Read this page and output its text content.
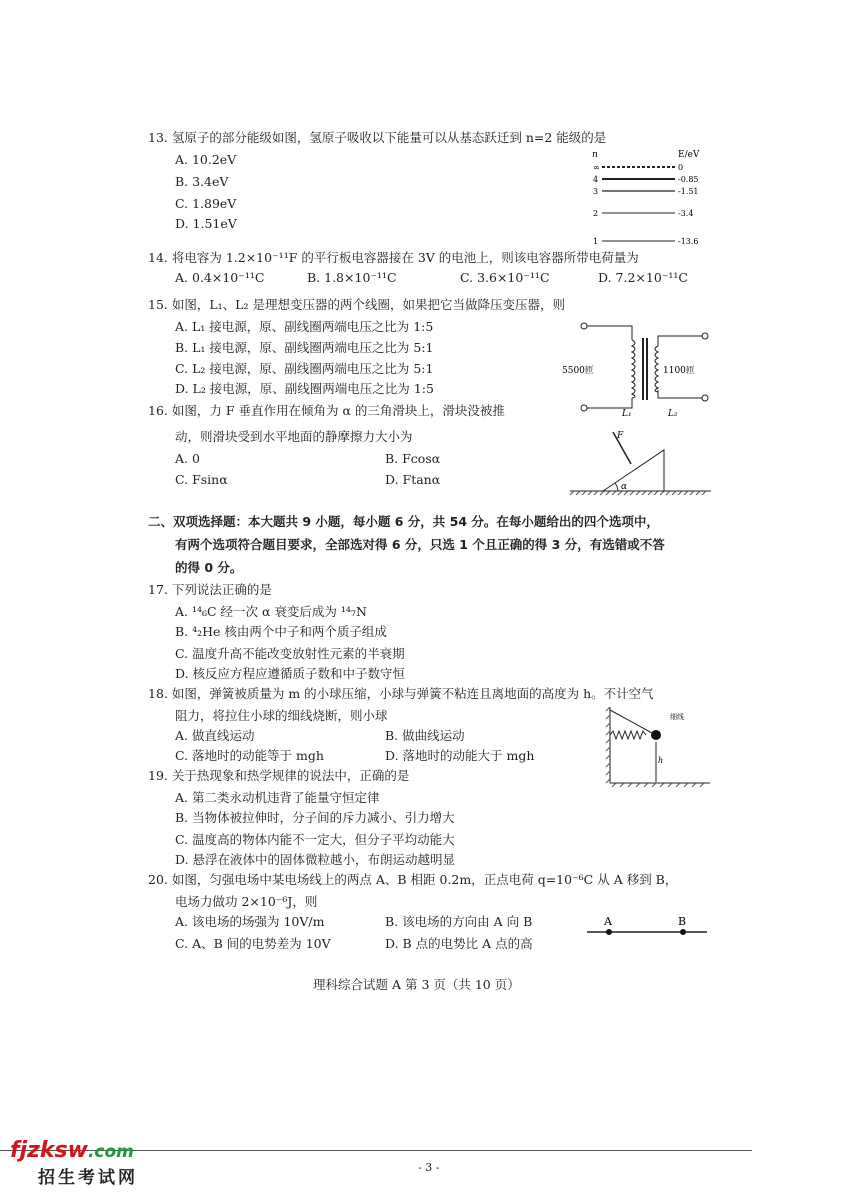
13. 氢原子的部分能级如图，氢原子吸收以下能量可以从基态跃迁到 n=2 能级的是
A. 10.2eV
B. 3.4eV
C. 1.89eV
D. 1.51eV
n	E/eV
∞
4
3
2
1
0
-0.85
-1.51
-3.4
-13.6
14. 将电容为 1.2×10⁻¹¹F 的平行板电容器接在 3V 的电池上，则该电容器所带电荷量为
A. 0.4×10⁻¹¹C	B. 1.8×10⁻¹¹C	C. 3.6×10⁻¹¹C	D. 7.2×10⁻¹¹C
15. 如图，L₁、L₂ 是理想变压器的两个线圈，如果把它当做降压变压器，则
A. L₁ 接电源，原、副线圈两端电压之比为 1:5
B. L₁ 接电源，原、副线圈两端电压之比为 5:1
C. L₂ 接电源，原、副线圈两端电压之比为 5:1
D. L₂ 接电源，原、副线圈两端电压之比为 1:5
5500匝	1100匝
L₁	L₂
16. 如图，力 F 垂直作用在倾角为 α 的三角滑块上，滑块没被推
动，则滑块受到水平地面的静摩擦力大小为
A. 0	B. Fcosα
C. Fsinα	D. Ftanα
F
α
二、双项选择题：本大题共 9 小题，每小题 6 分，共 54 分。在每小题给出的四个选项中，
有两个选项符合题目要求，全部选对得 6 分，只选 1 个且正确的得 3 分，有选错或不答
的得 0 分。
17. 下列说法正确的是
A. ¹⁴₆C 经一次 α 衰变后成为 ¹⁴₇N
B. ⁴₂He 核由两个中子和两个质子组成
C. 温度升高不能改变放射性元素的半衰期
D. 核反应方程应遵循质子数和中子数守恒
18. 如图，弹簧被质量为 m 的小球压缩，小球与弹簧不粘连且离地面的高度为 h。不计空气
阻力，将拉住小球的细线烧断，则小球
A. 做直线运动	B. 做曲线运动
C. 落地时的动能等于 mgh	D. 落地时的动能大于 mgh	h
细线
19. 关于热现象和热学规律的说法中，正确的是
A. 第二类永动机违背了能量守恒定律
B. 当物体被拉伸时，分子间的斥力减小、引力增大
C. 温度高的物体内能不一定大，但分子平均动能大
D. 悬浮在液体中的固体微粒越小，布朗运动越明显
20. 如图，匀强电场中某电场线上的两点 A、B 相距 0.2m，正点电荷 q=10⁻⁶C 从 A 移到 B，
电场力做功 2×10⁻⁶J，则
A. 该电场的场强为 10V/m	B. 该电场的方向由 A 向 B
C. A、B 间的电势差为 10V	D. B 点的电势比 A 点的高
A	B
理科综合试题 A 第 3 页（共 10 页）
- 3 -
fjzksw.com
招生考试网
